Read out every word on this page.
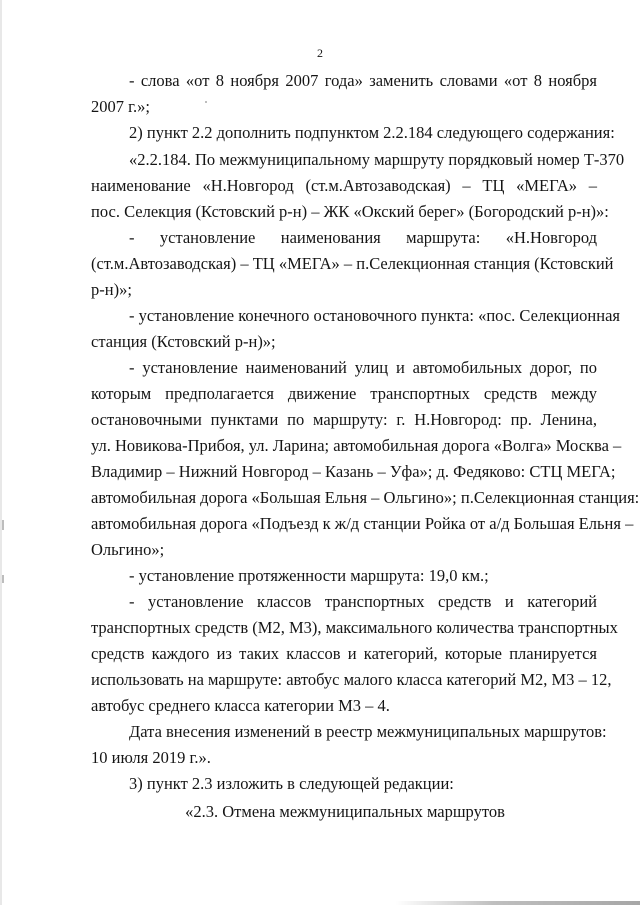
2
- слова «от 8 ноября 2007 года» заменить словами «от 8 ноября
2007 г.»;
2) пункт 2.2 дополнить подпунктом 2.2.184 следующего содержания:
«2.2.184. По межмуниципальному маршруту порядковый номер Т-370
наименование «Н.Новгород (ст.м.Автозаводская) – ТЦ «МЕГА» –
пос. Селекция (Кстовский р-н) – ЖК «Окский берег» (Богородский р-н)»:
- установление наименования маршрута: «Н.Новгород
(ст.м.Автозаводская) – ТЦ «МЕГА» – п.Селекционная станция (Кстовский
р-н)»;
- установление конечного остановочного пункта: «пос. Селекционная
станция (Кстовский р-н)»;
- установление наименований улиц и автомобильных дорог, по
которым предполагается движение транспортных средств между
остановочными пунктами по маршруту: г. Н.Новгород: пр. Ленина,
ул. Новикова-Прибоя, ул. Ларина; автомобильная дорога «Волга» Москва –
Владимир – Нижний Новгород – Казань – Уфа»; д. Федяково: СТЦ МЕГА;
автомобильная дорога «Большая Ельня – Ольгино»; п.Селекционная станция:
автомобильная дорога «Подъезд к ж/д станции Ройка от а/д Большая Ельня –
Ольгино»;
- установление протяженности маршрута: 19,0 км.;
- установление классов транспортных средств и категорий
транспортных средств (М2, М3), максимального количества транспортных
средств каждого из таких классов и категорий, которые планируется
использовать на маршруте: автобус малого класса категорий М2, М3 – 12,
автобус среднего класса категории М3 – 4.
Дата внесения изменений в реестр межмуниципальных маршрутов:
10 июля 2019 г.».
3) пункт 2.3 изложить в следующей редакции:
«2.3. Отмена межмуниципальных маршрутов
